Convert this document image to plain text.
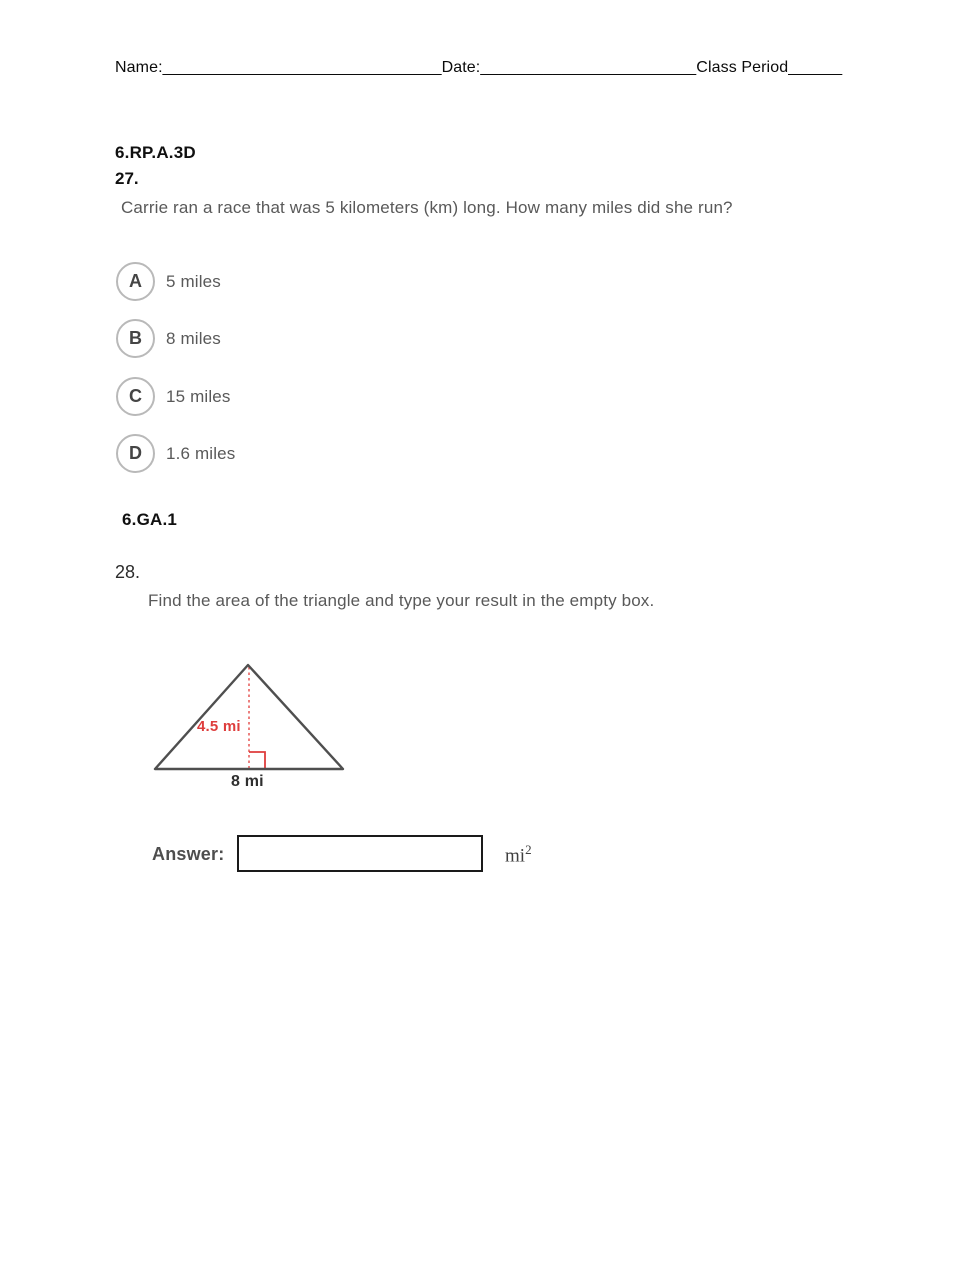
Name:_______________________________Date:________________________Class Period______
6.RP.A.3D
27.
Carrie ran a race that was 5 kilometers (km) long. How many miles did she run?
A 5 miles
B 8 miles
C 15 miles
D 1.6 miles
6.GA.1
28.
Find the area of the triangle and type your result in the empty box.
4.5 mi
8 mi
Answer:	$mi^2$
